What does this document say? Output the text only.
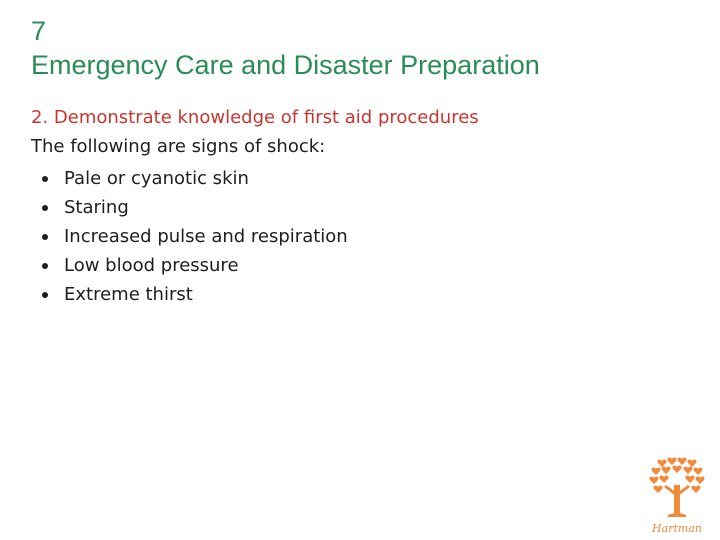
7
Emergency Care and Disaster Preparation
2. Demonstrate knowledge of first aid procedures
The following are signs of shock:
Pale or cyanotic skin
Staring
Increased pulse and respiration
Low blood pressure
Extreme thirst
Hartman
